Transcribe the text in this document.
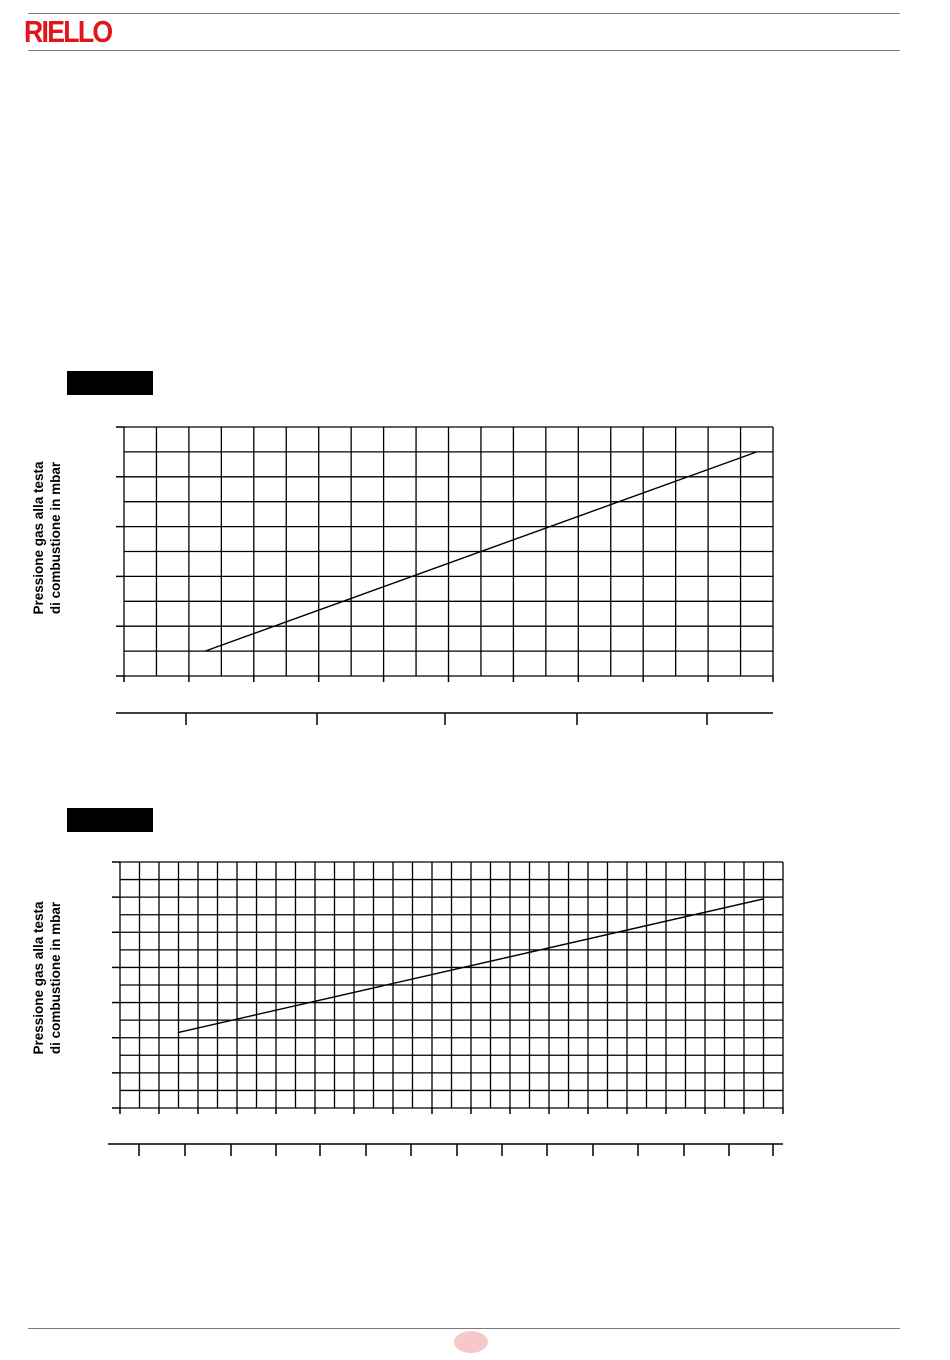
RIELLO
Pressione gas alla testa di combustione in mbar
Pressione gas alla testa di combustione in mbar
